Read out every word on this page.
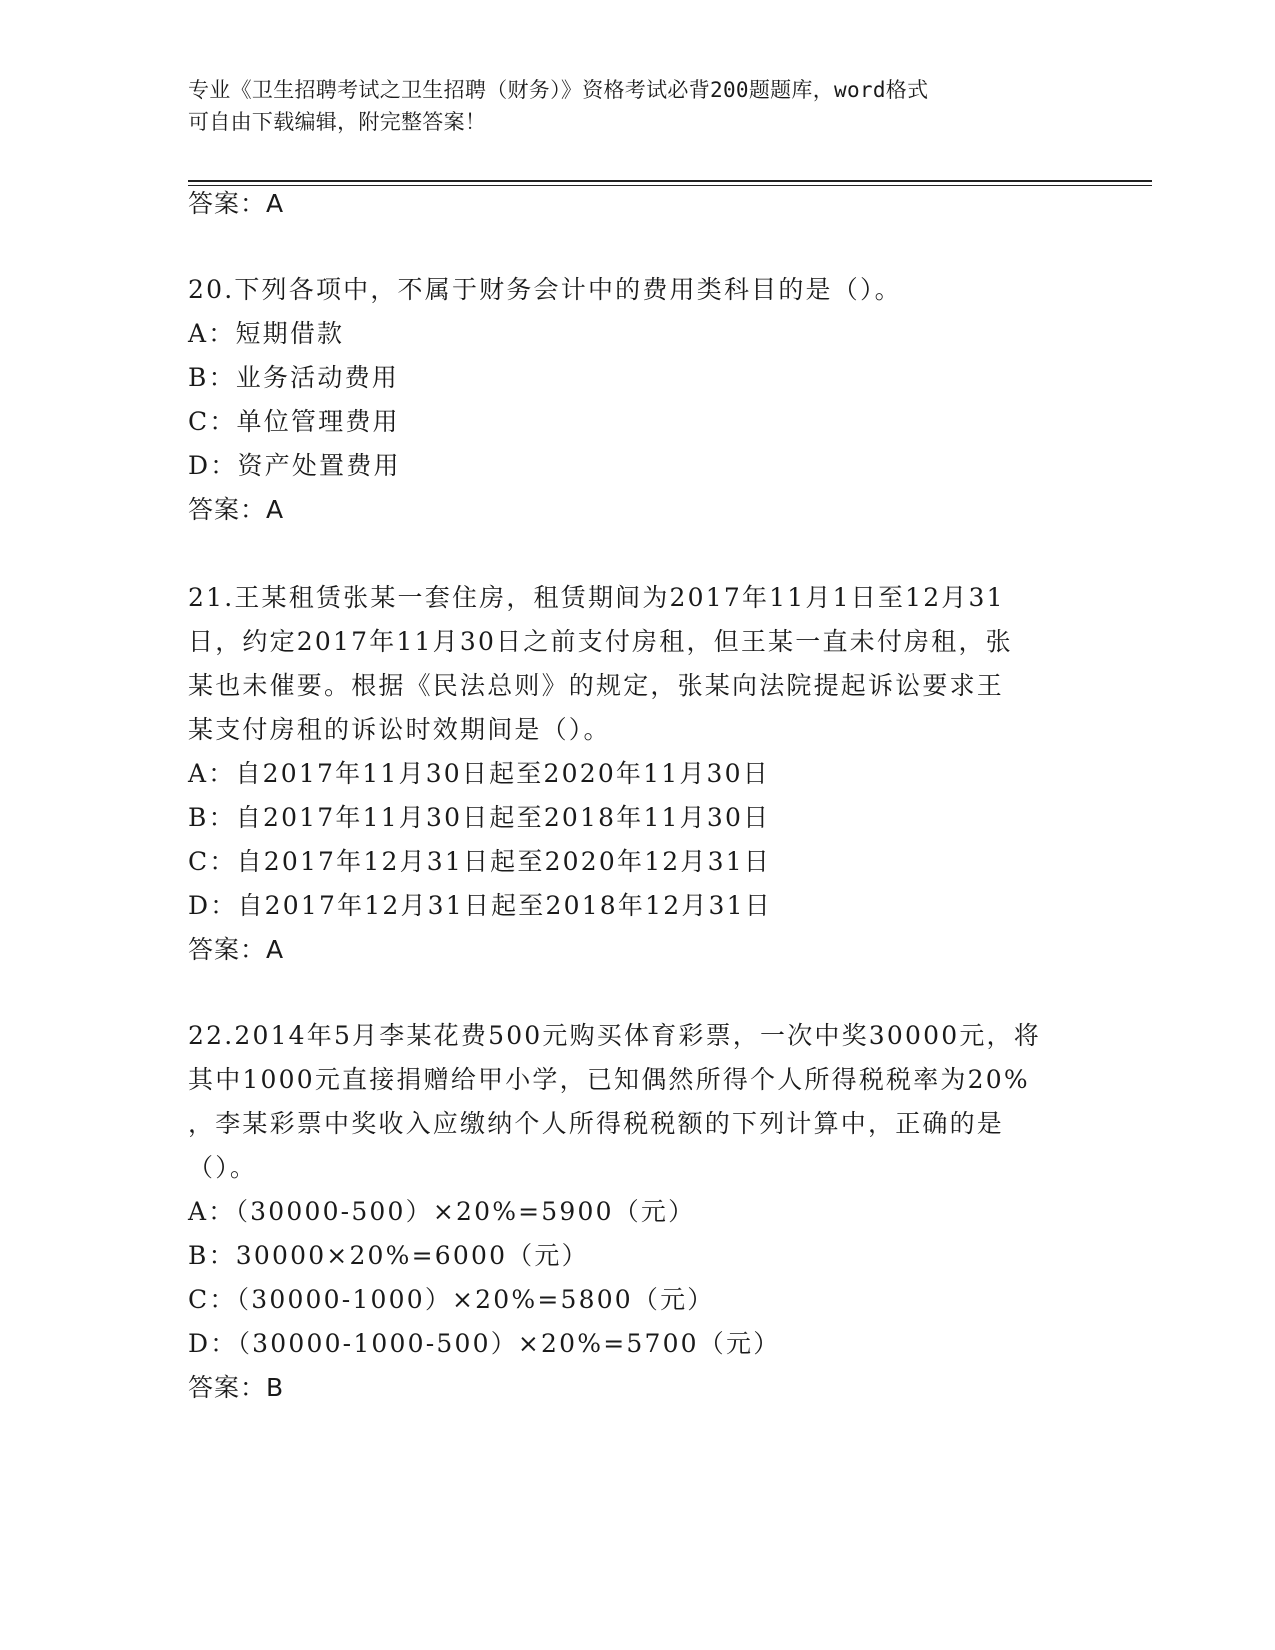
专业《卫生招聘考试之卫生招聘（财务）》资格考试必背200题题库，word格式
可自由下载编辑，附完整答案！
答案：A
20.下列各项中，不属于财务会计中的费用类科目的是（）。
A：短期借款
B：业务活动费用
C：单位管理费用
D：资产处置费用
答案：A
21.王某租赁张某一套住房，租赁期间为2017年11月1日至12月31
日，约定2017年11月30日之前支付房租，但王某一直未付房租，张
某也未催要。根据《民法总则》的规定，张某向法院提起诉讼要求王
某支付房租的诉讼时效期间是（）。
A：自2017年11月30日起至2020年11月30日
B：自2017年11月30日起至2018年11月30日
C：自2017年12月31日起至2020年12月31日
D：自2017年12月31日起至2018年12月31日
答案：A
22.2014年5月李某花费500元购买体育彩票，一次中奖30000元，将
其中1000元直接捐赠给甲小学，已知偶然所得个人所得税税率为20%
，李某彩票中奖收入应缴纳个人所得税税额的下列计算中，正确的是
（）。
A：（30000-500）×20%=5900（元）
B：30000×20%=6000（元）
C：（30000-1000）×20%=5800（元）
D：（30000-1000-500）×20%=5700（元）
答案：B
